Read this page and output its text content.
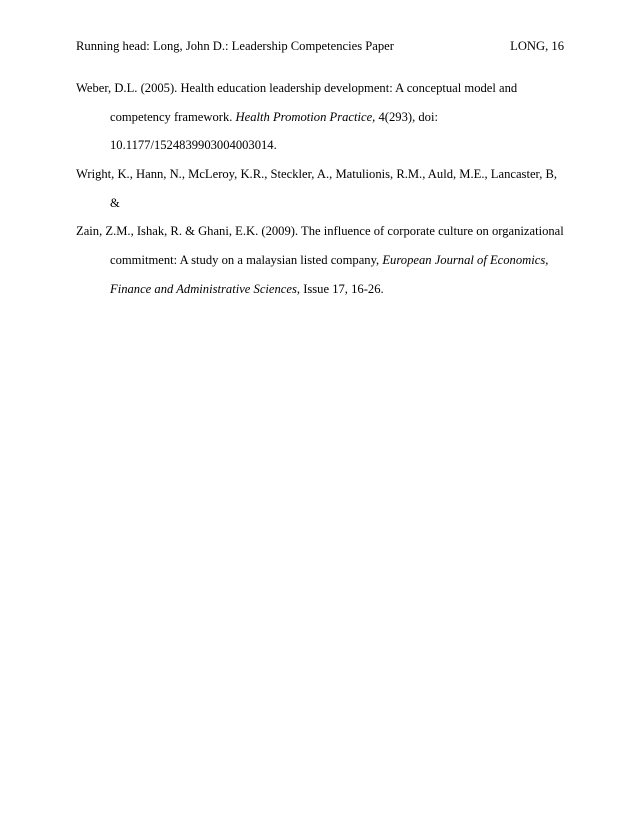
Running head: Long, John D.: Leadership Competencies Paper	LONG, 16
Weber, D.L. (2005). Health education leadership development: A conceptual model and
competency framework. Health Promotion Practice, 4(293), doi:
10.1177/1524839903004003014.
Wright, K., Hann, N., McLeroy, K.R., Steckler, A., Matulionis, R.M., Auld, M.E., Lancaster, B,
&
Zain, Z.M., Ishak, R. & Ghani, E.K. (2009). The influence of corporate culture on organizational
commitment: A study on a malaysian listed company, European Journal of Economics,
Finance and Administrative Sciences, Issue 17, 16-26.
